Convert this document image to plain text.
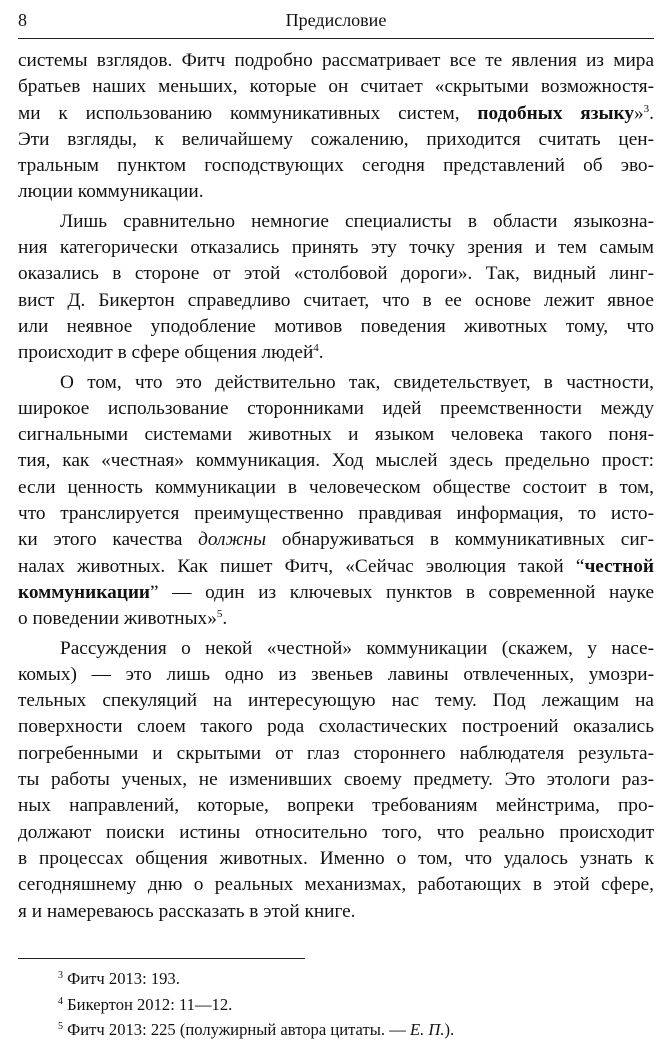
8	Предисловие

системы взглядов. Фитч подробно рассматривает все те явления из мира
братьев наших меньших, которые он считает «скрытыми возможностя-
ми к использованию коммуникативных систем, подобных языку»$^3$.
Эти взгляды, к величайшему сожалению, приходится считать цен-
тральным пунктом господствующих сегодня представлений об эво-
люции коммуникации.

Лишь сравнительно немногие специалисты в области языкозна-
ния категорически отказались принять эту точку зрения и тем самым
оказались в стороне от этой «столбовой дороги». Так, видный линг-
вист Д. Бикертон справедливо считает, что в ее основе лежит явное
или неявное уподобление мотивов поведения животных тому, что
происходит в сфере общения людей$^4$.

О том, что это действительно так, свидетельствует, в частности,
широкое использование сторонниками идей преемственности между
сигнальными системами животных и языком человека такого поня-
тия, как «честная» коммуникация. Ход мыслей здесь предельно прост:
если ценность коммуникации в человеческом обществе состоит в том,
что транслируется преимущественно правдивая информация, то исто-
ки этого качества должны обнаруживаться в коммуникативных сиг-
налах животных. Как пишет Фитч, «Сейчас эволюция такой “честной
коммуникации” — один из ключевых пунктов в современной науке
о поведении животных»$^5$.

Рассуждения о некой «честной» коммуникации (скажем, у насе-
комых) — это лишь одно из звеньев лавины отвлеченных, умозри-
тельных спекуляций на интересующую нас тему. Под лежащим на
поверхности слоем такого рода схоластических построений оказались
погребенными и скрытыми от глаз стороннего наблюдателя результа-
ты работы ученых, не изменивших своему предмету. Это этологи раз-
ных направлений, которые, вопреки требованиям мейнстрима, про-
должают поиски истины относительно того, что реально происходит
в процессах общения животных. Именно о том, что удалось узнать к
сегодняшнему дню о реальных механизмах, работающих в этой сфере,
я и намереваюсь рассказать в этой книге.

$^3$ Фитч 2013: 193.
$^4$ Бикертон 2012: 11—12.
$^5$ Фитч 2013: 225 (полужирный автора цитаты. — Е. П.).
